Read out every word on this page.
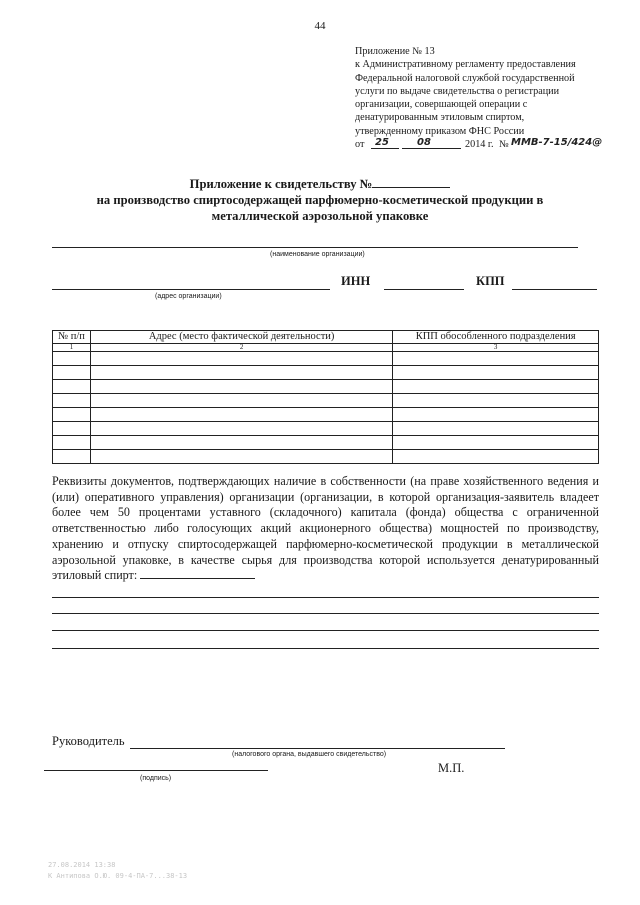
44
Приложение № 13
к Административному регламенту предоставления
Федеральной налоговой службой государственной
услуги по выдаче свидетельства о регистрации
организации, совершающей операции с
денатурированным этиловым спиртом,
утвержденному приказом ФНС России
от 25	08	2014 г. № ММВ-7-15/424@
Приложение к свидетельству №
на производство спиртосодержащей парфюмерно-косметической продукции в
металлической аэрозольной упаковке
(наименование организации)
(адрес организации)
ИНН	КПП
№ п/п	Адрес (место фактической деятельности)	КПП обособленного подразделения
1	2	3

Реквизиты документов, подтверждающих наличие в собственности (на праве хозяйственного ведения и (или) оперативного управления) организации (организации, в которой организация-заявитель владеет более чем 50 процентами уставного (складочного) капитала (фонда) общества с ограниченной ответственностью либо голосующих акций акционерного общества) мощностей по производству, хранению и отпуску спиртосодержащей парфюмерно-косметической продукции в металлической аэрозольной упаковке, в качестве сырья для производства которой используется денатурированный этиловый спирт:
Руководитель
(налогового органа, выдавшего свидетельство)
(подпись)
М.П.
27.08.2014 13:38
К Антипова О.Ю. 09-4-ПА-7...38-13
